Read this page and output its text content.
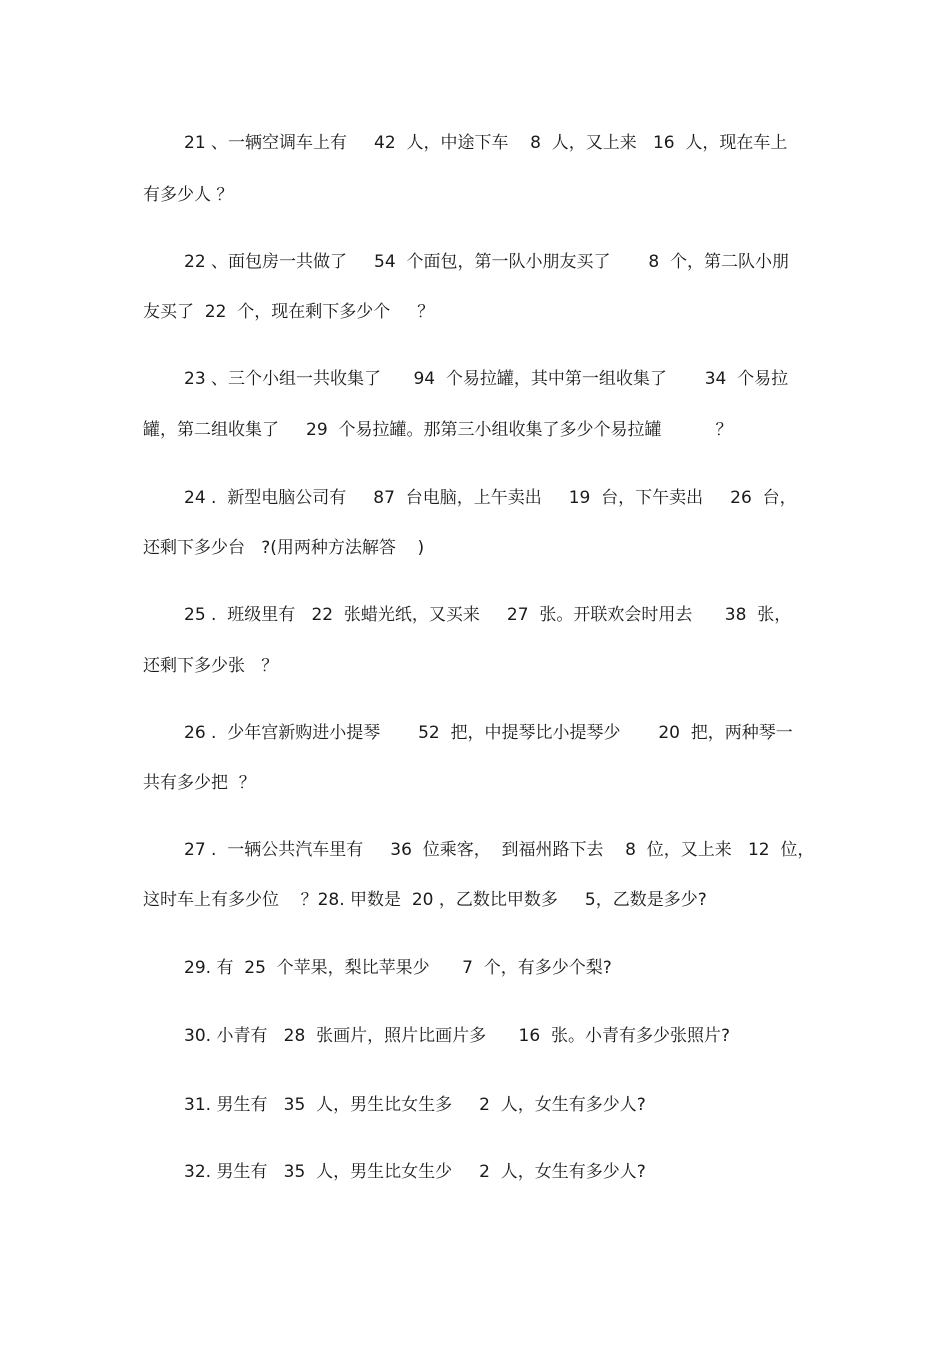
21 、一辆空调车上有     42  人，中途下车    8  人，又上来   16  人，现在车上
有多少人 ？
22 、面包房一共做了     54  个面包，第一队小朋友买了       8  个，第二队小朋
友买了  22  个，现在剩下多少个     ？
23 、三个小组一共收集了      94  个易拉罐，其中第一组收集了       34  个易拉
罐，第二组收集了     29  个易拉罐。那第三小组收集了多少个易拉罐          ？
24 .  新型电脑公司有     87  台电脑，上午卖出     19  台，下午卖出     26  台，
还剩下多少台   ?(用两种方法解答    )
25 .  班级里有   22  张蜡光纸，又买来     27  张。开联欢会时用去      38  张，
还剩下多少张   ？
26 .  少年宫新购进小提琴       52  把，中提琴比小提琴少       20  把，两种琴一
共有多少把  ？
27 .  一辆公共汽车里有     36  位乘客，  到福州路下去    8  位，又上来   12  位，
这时车上有多少位    ？28. 甲数是  20 ，乙数比甲数多     5，乙数是多少?
29. 有  25  个苹果，梨比苹果少      7  个，有多少个梨?
30. 小青有   28  张画片，照片比画片多      16  张。小青有多少张照片?
31. 男生有   35  人，男生比女生多     2  人，女生有多少人?
32. 男生有   35  人，男生比女生少     2  人，女生有多少人?
